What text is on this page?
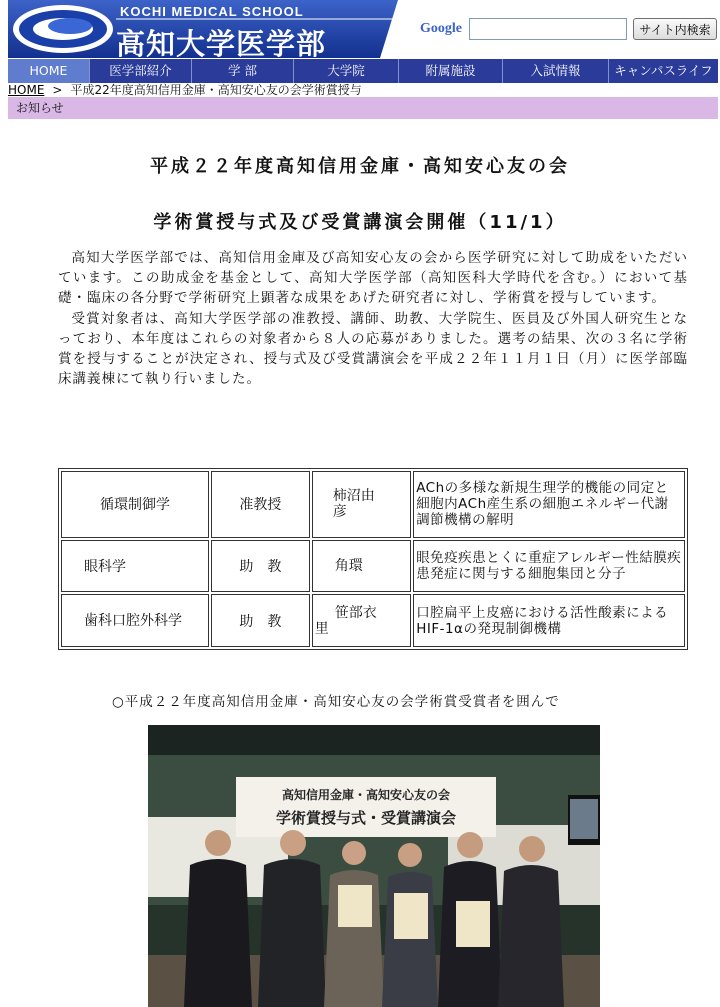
KOCHI MEDICAL SCHOOL
高知大学医学部	Google	サイト内検索
HOME	医学部紹介	学 部	大学院	附属施設	入試情報	キャンパスライフ
HOME > 平成22年度高知信用金庫・高知安心友の会学術賞授与
お知らせ
平成２２年度高知信用金庫・高知安心友の会
学術賞授与式及び受賞講演会開催（11/1）

高知大学医学部では、高知信用金庫及び高知安心友の会から医学研究に対して助成をいただいています。この助成金を基金として、高知大学医学部（高知医科大学時代を含む。）において基礎・臨床の各分野で学術研究上顕著な成果をあげた研究者に対し、学術賞を授与しています。

受賞対象者は、高知大学医学部の准教授、講師、助教、大学院生、医員及び外国人研究生となっており、本年度はこれらの対象者から８人の応募がありました。選考の結果、次の３名に学術賞を授与することが決定され、授与式及び受賞講演会を平成２２年１１月１日（月）に医学部臨床講義棟にて執り行いました。

循環制御学	准教授	柿沼由彦	AChの多様な新規生理学的機能の同定と細胞内ACh産生系の細胞エネルギー代謝調節機構の解明
眼科学	助　教	角環	眼免疫疾患とくに重症アレルギー性結膜疾患発症に関与する細胞集団と分子
歯科口腔外科学	助　教	笹部衣里	口腔扁平上皮癌における活性酸素によるHIF-1αの発現制御機構
○平成２２年度高知信用金庫・高知安心友の会学術賞受賞者を囲んで
高知信用金庫・高知安心友の会
学術賞授与式・受賞講演会
